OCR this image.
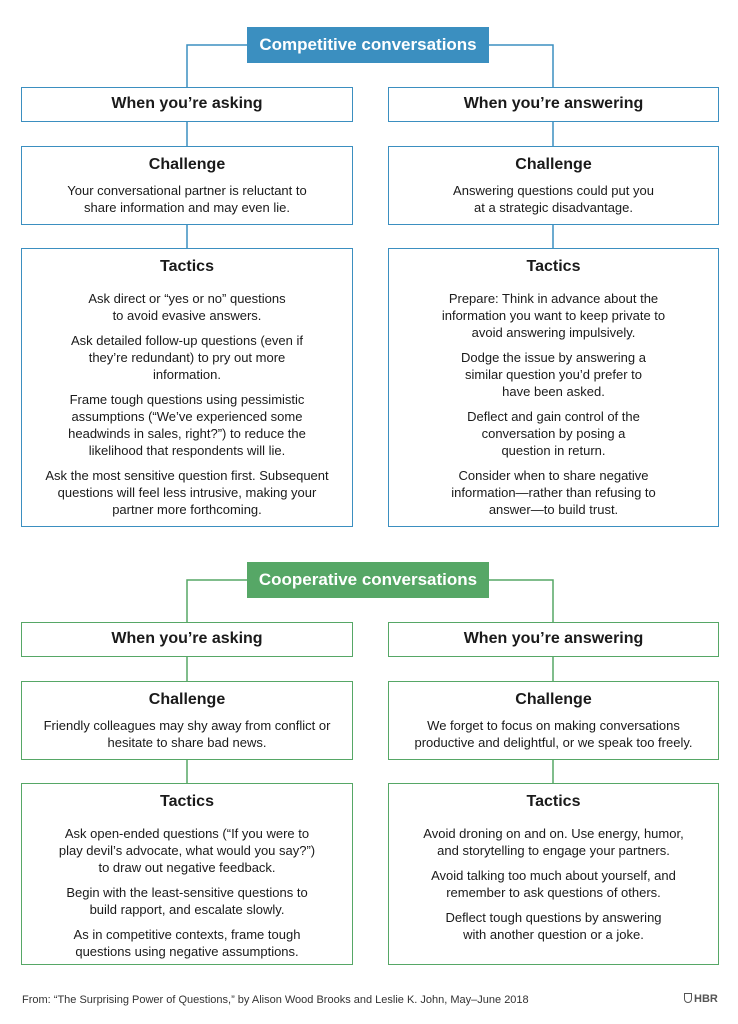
Competitive conversations
When you’re asking	When you’re answering
Challenge
Your conversational partner is reluctant to share information and may even lie.
Challenge
Answering questions could put you at a strategic disadvantage.
Tactics
Ask direct or “yes or no” questions to avoid evasive answers.
Ask detailed follow-up questions (even if they’re redundant) to pry out more information.
Frame tough questions using pessimistic assumptions (“We’ve experienced some headwinds in sales, right?”) to reduce the likelihood that respondents will lie.
Ask the most sensitive question first. Subsequent questions will feel less intrusive, making your partner more forthcoming.
Tactics
Prepare: Think in advance about the information you want to keep private to avoid answering impulsively.
Dodge the issue by answering a similar question you’d prefer to have been asked.
Deflect and gain control of the conversation by posing a question in return.
Consider when to share negative information—rather than refusing to answer—to build trust.
Cooperative conversations
When you’re asking	When you’re answering
Challenge
Friendly colleagues may shy away from conflict or hesitate to share bad news.
Challenge
We forget to focus on making conversations productive and delightful, or we speak too freely.
Tactics
Ask open-ended questions (“If you were to play devil’s advocate, what would you say?”) to draw out negative feedback.
Begin with the least-sensitive questions to build rapport, and escalate slowly.
As in competitive contexts, frame tough questions using negative assumptions.
Tactics
Avoid droning on and on. Use energy, humor, and storytelling to engage your partners.
Avoid talking too much about yourself, and remember to ask questions of others.
Deflect tough questions by answering with another question or a joke.
From: “The Surprising Power of Questions,” by Alison Wood Brooks and Leslie K. John, May–June 2018	HBR
